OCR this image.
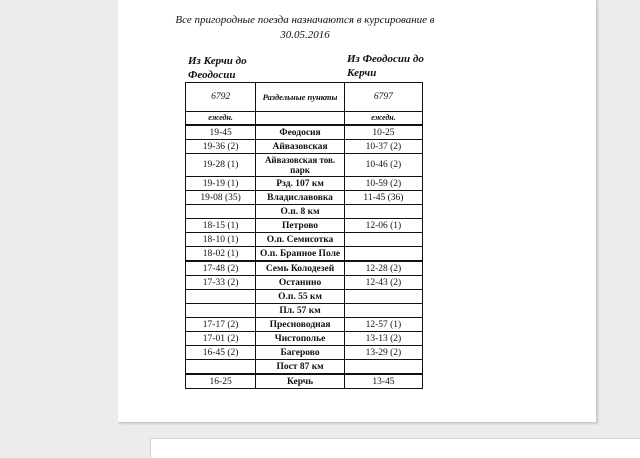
Все пригородные поезда назначаются в курсирование в 30.05.2016
Из Керчи до Феодосии
Из Феодосии до Керчи
6792	Раздельные пункты	6797
ежедн.		ежедн.
19-45	Феодосия	10-25
19-36 (2)	Айвазовская	10-37 (2)
19-28 (1)	Айвазовская тов. парк	10-46 (2)
19-19 (1)	Рзд. 107 км	10-59 (2)
19-08 (35)	Владиславовка	11-45 (36)
	О.п. 8 км	
18-15 (1)	Петрово	12-06 (1)
18-10 (1)	О.п. Семисотка	
18-02 (1)	О.п. Бранное Поле	
17-48 (2)	Семь Колодезей	12-28 (2)
17-33 (2)	Останино	12-43 (2)
	О.п. 55 км	
	Пл. 57 км	
17-17 (2)	Пресноводная	12-57 (1)
17-01 (2)	Чистополье	13-13 (2)
16-45 (2)	Багерово	13-29 (2)
	Пост 87 км	
16-25	Керчь	13-45
